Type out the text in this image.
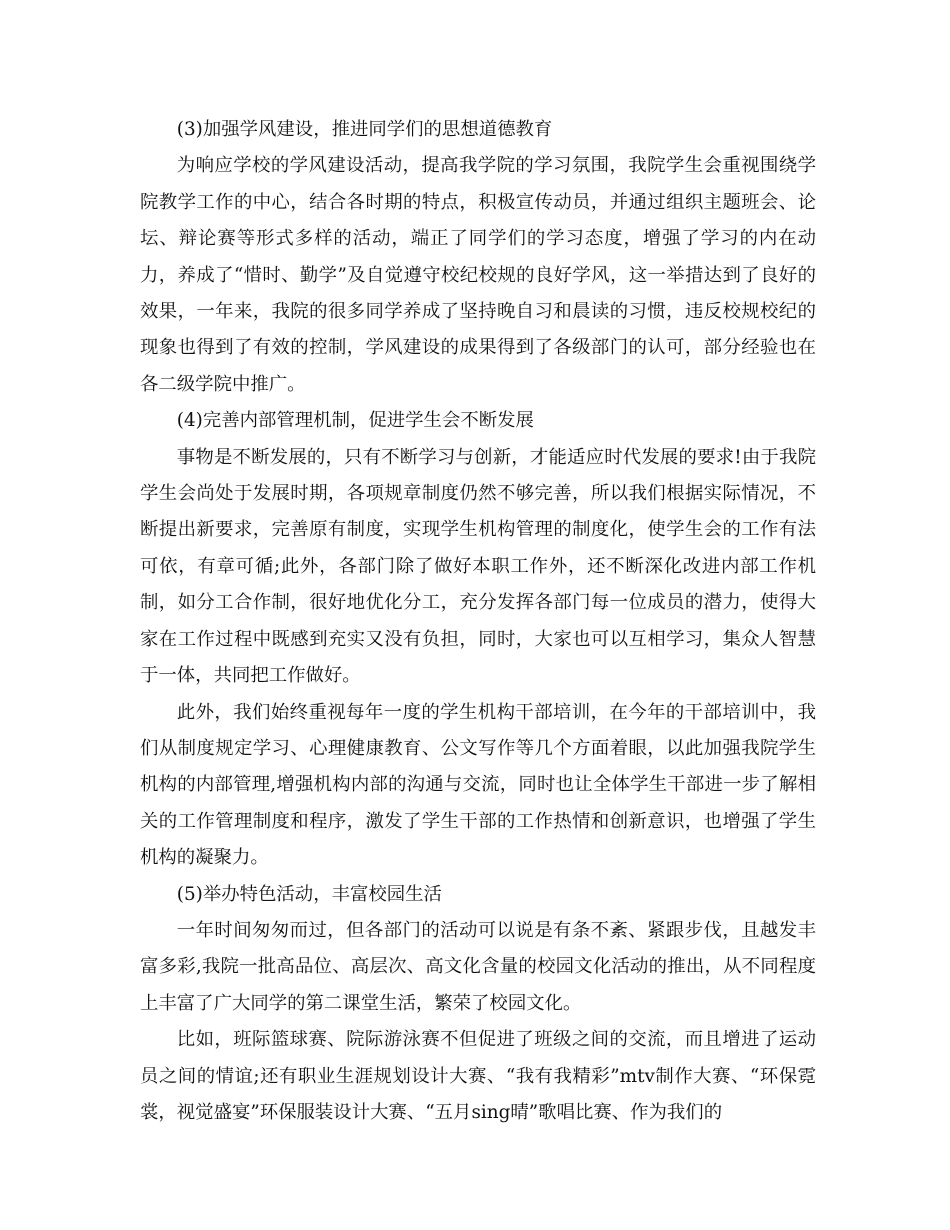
(3)加强学风建设，推进同学们的思想道德教育

为响应学校的学风建设活动，提高我学院的学习氛围，我院学生会重视围绕学院教学工作的中心，结合各时期的特点，积极宣传动员，并通过组织主题班会、论坛、辩论赛等形式多样的活动，端正了同学们的学习态度，增强了学习的内在动力，养成了“惜时、勤学”及自觉遵守校纪校规的良好学风，这一举措达到了良好的效果，一年来，我院的很多同学养成了坚持晚自习和晨读的习惯，违反校规校纪的现象也得到了有效的控制，学风建设的成果得到了各级部门的认可，部分经验也在各二级学院中推广。

(4)完善内部管理机制，促进学生会不断发展

事物是不断发展的，只有不断学习与创新，才能适应时代发展的要求!由于我院学生会尚处于发展时期，各项规章制度仍然不够完善，所以我们根据实际情况，不断提出新要求，完善原有制度，实现学生机构管理的制度化，使学生会的工作有法可依，有章可循;此外，各部门除了做好本职工作外，还不断深化改进内部工作机制，如分工合作制，很好地优化分工，充分发挥各部门每一位成员的潜力，使得大家在工作过程中既感到充实又没有负担，同时，大家也可以互相学习，集众人智慧于一体，共同把工作做好。

此外，我们始终重视每年一度的学生机构干部培训，在今年的干部培训中，我们从制度规定学习、心理健康教育、公文写作等几个方面着眼，以此加强我院学生机构的内部管理,增强机构内部的沟通与交流，同时也让全体学生干部进一步了解相关的工作管理制度和程序，激发了学生干部的工作热情和创新意识，也增强了学生机构的凝聚力。

(5)举办特色活动，丰富校园生活

一年时间匆匆而过，但各部门的活动可以说是有条不紊、紧跟步伐，且越发丰富多彩,我院一批高品位、高层次、高文化含量的校园文化活动的推出，从不同程度上丰富了广大同学的第二课堂生活，繁荣了校园文化。

比如，班际篮球赛、院际游泳赛不但促进了班级之间的交流，而且增进了运动员之间的情谊;还有职业生涯规划设计大赛、“我有我精彩”mtv制作大赛、“环保霓裳，视觉盛宴”环保服装设计大赛、“五月sing晴”歌唱比赛、作为我们的
